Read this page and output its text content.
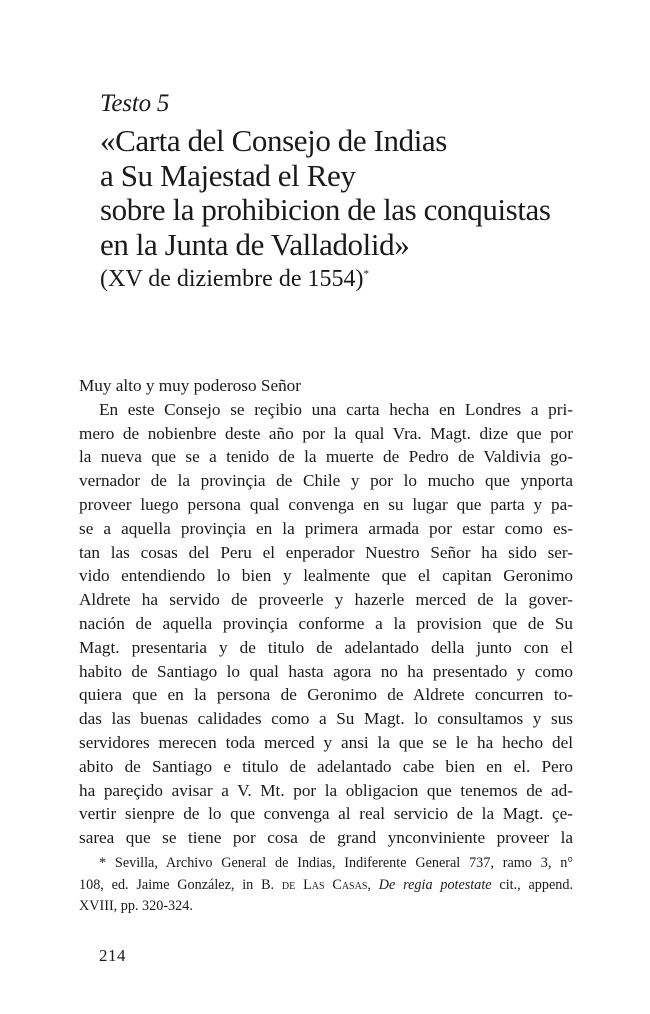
Testo 5
«Carta del Consejo de Indias
a Su Majestad el Rey
sobre la prohibicion de las conquistas
en la Junta de Valladolid»
(XV de diziembre de 1554)*
Muy alto y muy poderoso Señor
En este Consejo se reçibio una carta hecha en Londres a pri-
mero de nobienbre deste año por la qual Vra. Magt. dize que por
la nueva que se a tenido de la muerte de Pedro de Valdivia go-
vernador de la provinçia de Chile y por lo mucho que ynporta
proveer luego persona qual convenga en su lugar que parta y pa-
se a aquella provinçia en la primera armada por estar como es-
tan las cosas del Peru el enperador Nuestro Señor ha sido ser-
vido entendiendo lo bien y lealmente que el capitan Geronimo
Aldrete ha servido de proveerle y hazerle merced de la gover-
nación de aquella provinçia conforme a la provision que de Su
Magt. presentaria y de titulo de adelantado della junto con el
habito de Santiago lo qual hasta agora no ha presentado y como
quiera que en la persona de Geronimo de Aldrete concurren to-
das las buenas calidades como a Su Magt. lo consultamos y sus
servidores merecen toda merced y ansi la que se le ha hecho del
abito de Santiago e titulo de adelantado cabe bien en el. Pero
ha pareçido avisar a V. Mt. por la obligacion que tenemos de ad-
vertir sienpre de lo que convenga al real servicio de la Magt. çe-
sarea que se tiene por cosa de grand ynconviniente proveer la
* Sevilla, Archivo General de Indias, Indiferente General 737, ramo 3, n°
108, ed. Jaime González, in B. de Las Casas, De regia potestate cit., append.
XVIII, pp. 320-324.
214
